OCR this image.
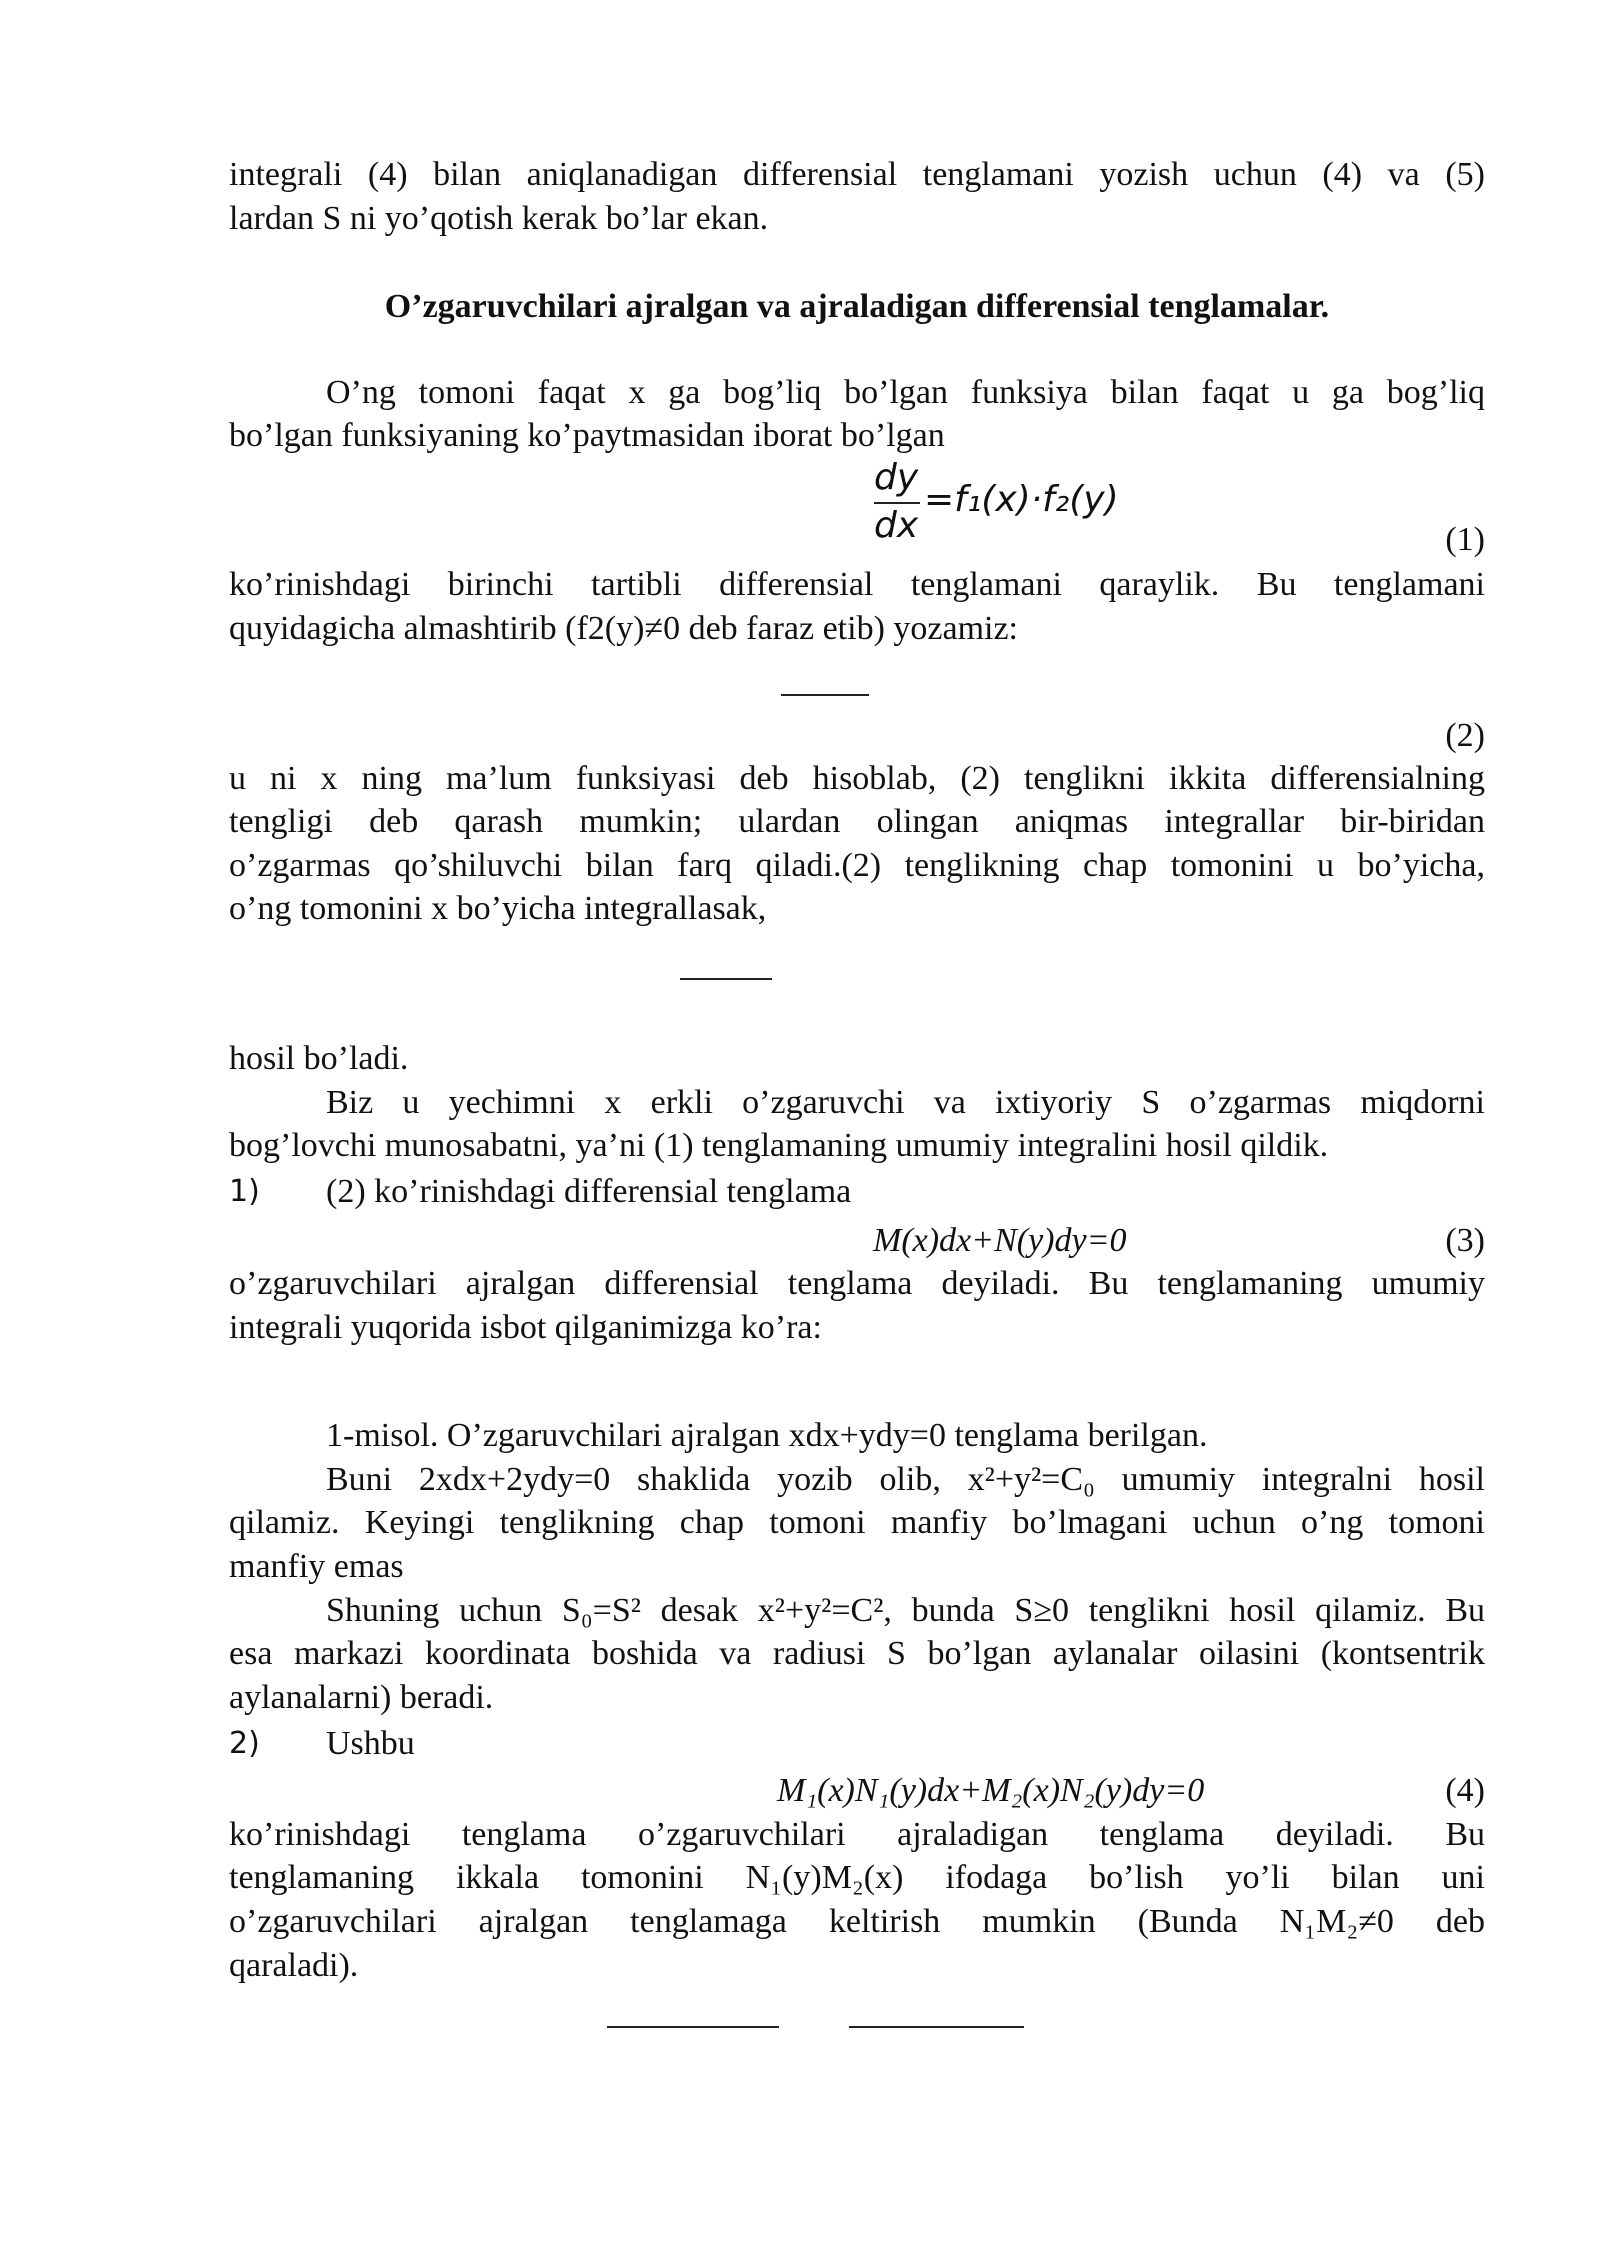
integrali (4) bilan aniqlanadigan differensial tenglamani yozish uchun (4) va (5)
lardan S ni yo’qotish kerak bo’lar ekan.
O’zgaruvchilari ajralgan va ajraladigan differensial tenglamalar.
O’ng tomoni faqat x ga bog’liq bo’lgan funksiya bilan faqat u ga bog’liq
bo’lgan funksiyaning ko’paytmasidan iborat bo’lgan
dy
dx
=f₁(x)·f₂(y)
(1)
ko’rinishdagi birinchi tartibli differensial tenglamani qaraylik. Bu tenglamani
quyidagicha almashtirib (f2(y)≠0 deb faraz etib) yozamiz:
(2)
u ni x ning ma’lum funksiyasi deb hisoblab, (2) tenglikni ikkita differensialning
tengligi deb qarash mumkin; ulardan olingan aniqmas integrallar bir-biridan
o’zgarmas qo’shiluvchi bilan farq qiladi.(2) tenglikning chap tomonini u bo’yicha,
o’ng tomonini x bo’yicha integrallasak,
hosil bo’ladi.
Biz u yechimni x erkli o’zgaruvchi va ixtiyoriy S o’zgarmas miqdorni
bog’lovchi munosabatni, ya’ni (1) tenglamaning umumiy integralini hosil qildik.
1) (2) ko’rinishdagi differensial tenglama
M(x)dx+N(y)dy=0	(3)
o’zgaruvchilari ajralgan differensial tenglama deyiladi. Bu tenglamaning umumiy
integrali yuqorida isbot qilganimizga ko’ra:
1-misol. O’zgaruvchilari ajralgan xdx+ydy=0 tenglama berilgan.
Buni 2xdx+2ydy=0 shaklida yozib olib, x²+y²=C₀ umumiy integralni hosil
qilamiz. Keyingi tenglikning chap tomoni manfiy bo’lmagani uchun o’ng tomoni
manfiy emas
Shuning uchun S₀=S² desak x²+y²=C², bunda S≥0 tenglikni hosil qilamiz. Bu
esa markazi koordinata boshida va radiusi S bo’lgan aylanalar oilasini (kontsentrik
aylanalarni) beradi.
2) Ushbu
M₁(x)N₁(y)dx+M₂(x)N₂(y)dy=0	(4)
ko’rinishdagi tenglama o’zgaruvchilari ajraladigan tenglama deyiladi. Bu
tenglamaning ikkala tomonini N₁(y)M₂(x) ifodaga bo’lish yo’li bilan uni
o’zgaruvchilari ajralgan tenglamaga keltirish mumkin (Bunda N₁M₂≠0 deb
qaraladi).
